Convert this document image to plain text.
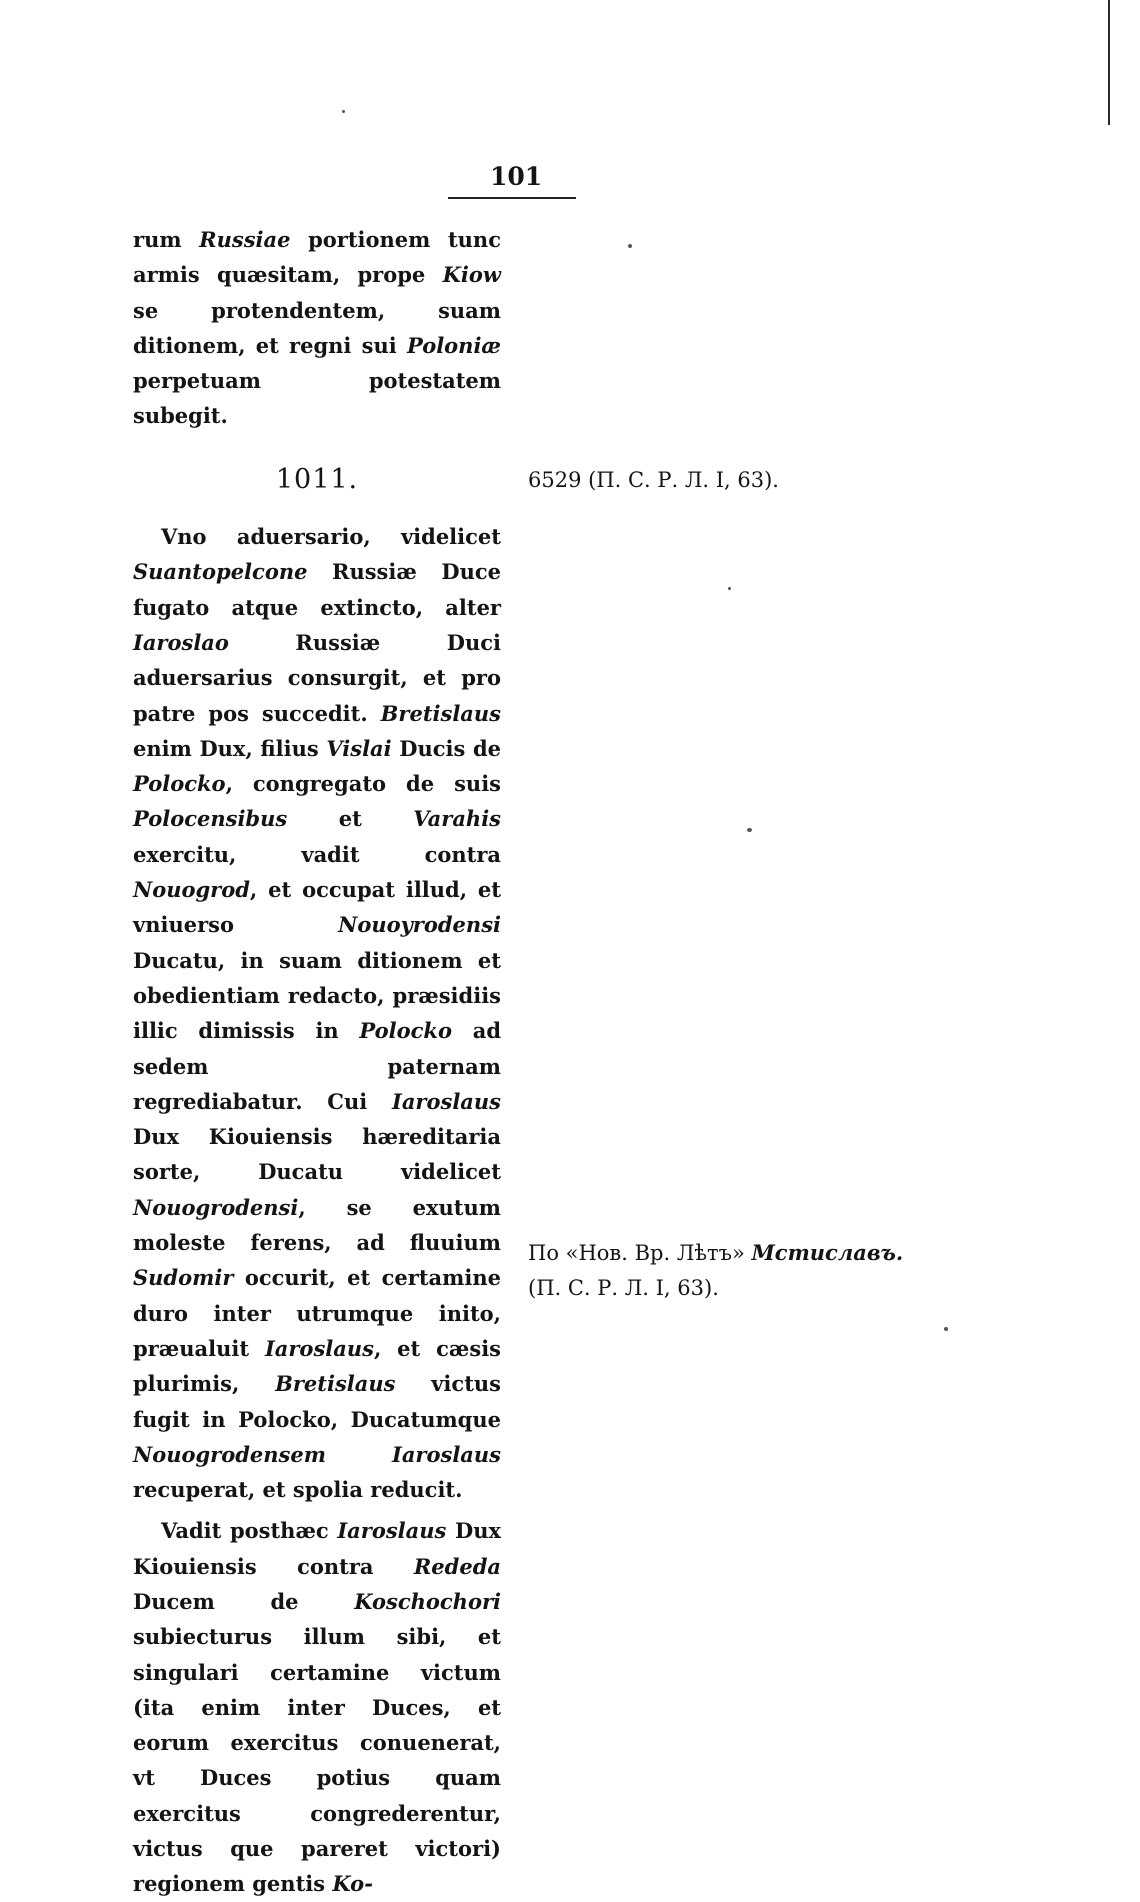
101

rum Russiae portionem tunc armis quæsitam, prope Kiow se protendentem, suam ditionem, et regni sui Poloniæ perpetuam potestatem subegit.

1011.

Vno aduersario, videlicet Suantopelcone Russiæ Duce fugato atque extincto, alter Iaroslao Russiæ Duci aduersarius consurgit, et pro patre pos succedit. Bretislaus enim Dux, filius Vislai Ducis de Polocko, congregato de suis Polocensibus et Varahis exercitu, vadit contra Nouogrod, et occupat illud, et vniuerso Nouoyrodensi Ducatu, in suam ditionem et obedientiam redacto, præsidiis illic dimissis in Polocko ad sedem paternam regrediabatur. Cui Iaroslaus Dux Kiouiensis hæreditaria sorte, Ducatu videlicet Nouogrodensi, se exutum moleste ferens, ad fluuium Sudomir occurit, et certamine duro inter utrumque inito, præualuit Iaroslaus, et cæsis plurimis, Bretislaus victus fugit in Polocko, Ducatumque Nouogrodensem Iaroslaus recuperat, et spolia reducit.

Vadit posthæc Iaroslaus Dux Kiouiensis contra Rededa Ducem de Koschochori subiecturus illum sibi, et singulari certamine victum (ita enim inter Duces, et eorum exercitus conuenerat, vt Duces potius quam exercitus congrederentur, victus que pareret victori) regionem gentis Ko-

6529 (П. С. Р. Л. I, 63).
По «Нов. Вр. Лѣтъ» Мстиславъ.
(П. С. Р. Л. I, 63).
